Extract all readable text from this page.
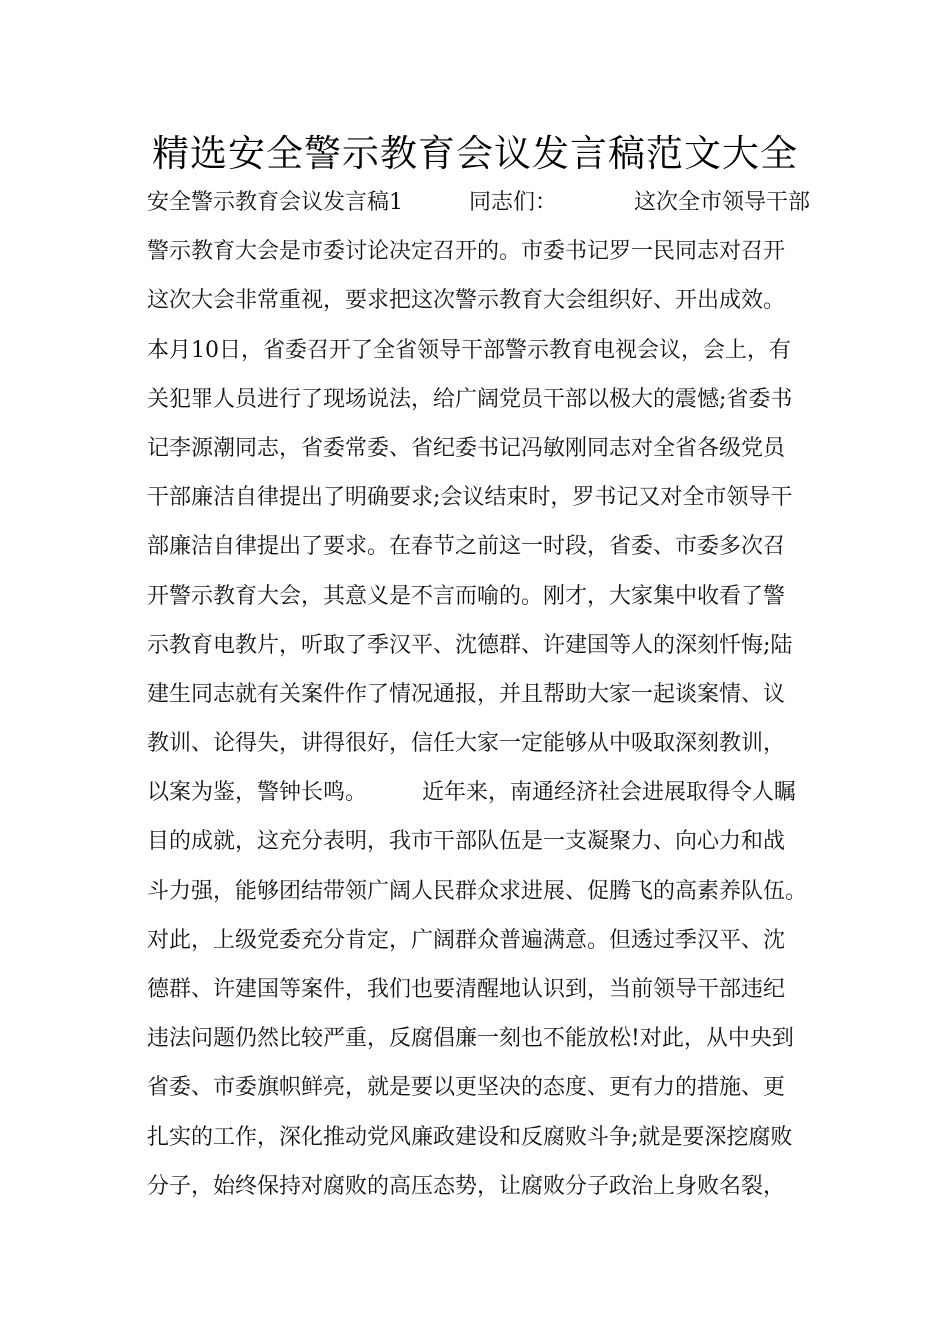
精选安全警示教育会议发言稿范文大全
安全警示教育会议发言稿1　　　同志们：　　　　这次全市领导干部
警示教育大会是市委讨论决定召开的。市委书记罗一民同志对召开
这次大会非常重视，要求把这次警示教育大会组织好、开出成效。
本月10日，省委召开了全省领导干部警示教育电视会议，会上，有
关犯罪人员进行了现场说法，给广阔党员干部以极大的震憾;省委书
记李源潮同志，省委常委、省纪委书记冯敏刚同志对全省各级党员
干部廉洁自律提出了明确要求;会议结束时，罗书记又对全市领导干
部廉洁自律提出了要求。在春节之前这一时段，省委、市委多次召
开警示教育大会，其意义是不言而喻的。刚才，大家集中收看了警
示教育电教片，听取了季汉平、沈德群、许建国等人的深刻忏悔;陆
建生同志就有关案件作了情况通报，并且帮助大家一起谈案情、议
教训、论得失，讲得很好，信任大家一定能够从中吸取深刻教训，
以案为鉴，警钟长鸣。　　　近年来，南通经济社会进展取得令人瞩
目的成就，这充分表明，我市干部队伍是一支凝聚力、向心力和战
斗力强，能够团结带领广阔人民群众求进展、促腾飞的高素养队伍。
对此，上级党委充分肯定，广阔群众普遍满意。但透过季汉平、沈
德群、许建国等案件，我们也要清醒地认识到，当前领导干部违纪
违法问题仍然比较严重，反腐倡廉一刻也不能放松!对此，从中央到
省委、市委旗帜鲜亮，就是要以更坚决的态度、更有力的措施、更
扎实的工作，深化推动党风廉政建设和反腐败斗争;就是要深挖腐败
分子，始终保持对腐败的高压态势，让腐败分子政治上身败名裂，
